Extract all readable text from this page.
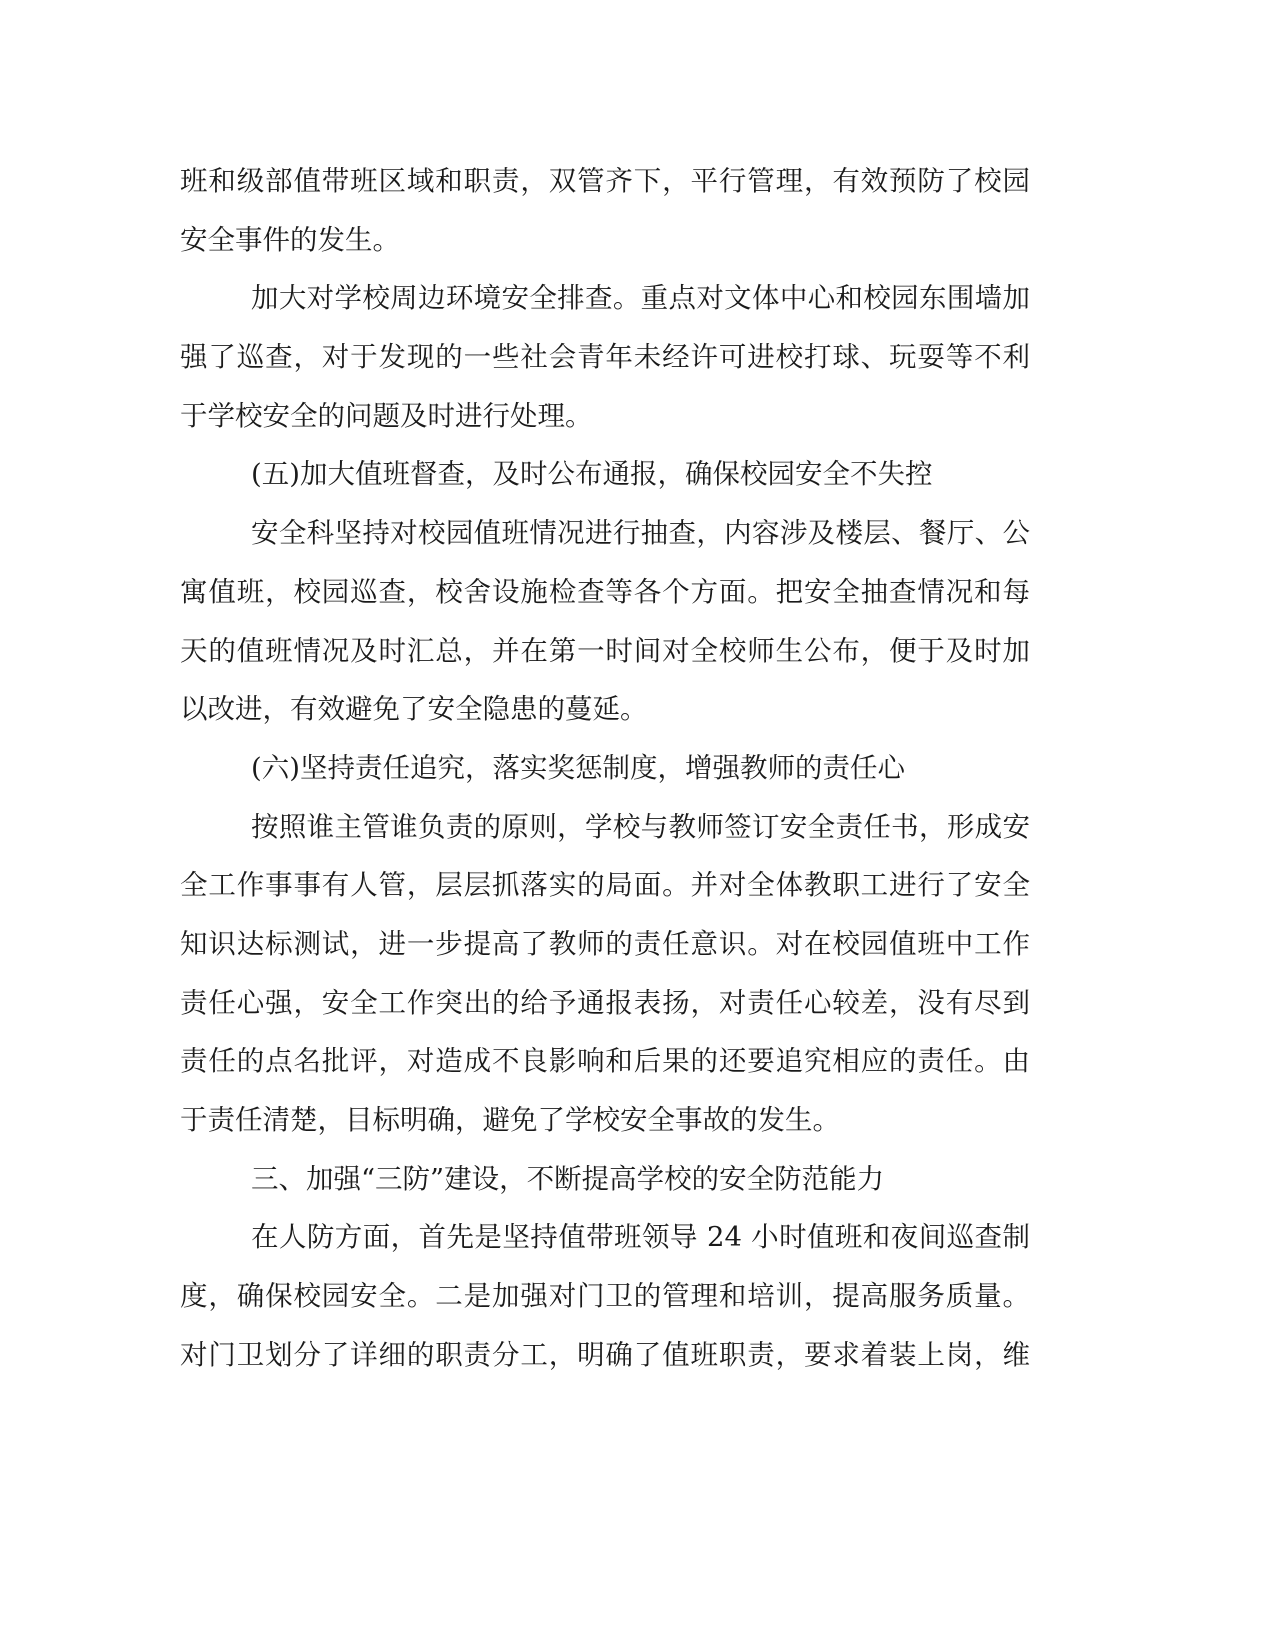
班和级部值带班区域和职责，双管齐下，平行管理，有效预防了校园
安全事件的发生。
加大对学校周边环境安全排查。重点对文体中心和校园东围墙加
强了巡查，对于发现的一些社会青年未经许可进校打球、玩耍等不利
于学校安全的问题及时进行处理。
(五)加大值班督查，及时公布通报，确保校园安全不失控
安全科坚持对校园值班情况进行抽查，内容涉及楼层、餐厅、公
寓值班，校园巡查，校舍设施检查等各个方面。把安全抽查情况和每
天的值班情况及时汇总，并在第一时间对全校师生公布，便于及时加
以改进，有效避免了安全隐患的蔓延。
(六)坚持责任追究，落实奖惩制度，增强教师的责任心
按照谁主管谁负责的原则，学校与教师签订安全责任书，形成安
全工作事事有人管，层层抓落实的局面。并对全体教职工进行了安全
知识达标测试，进一步提高了教师的责任意识。对在校园值班中工作
责任心强，安全工作突出的给予通报表扬，对责任心较差，没有尽到
责任的点名批评，对造成不良影响和后果的还要追究相应的责任。由
于责任清楚，目标明确，避免了学校安全事故的发生。
三、加强“三防”建设，不断提高学校的安全防范能力
在人防方面，首先是坚持值带班领导 24 小时值班和夜间巡查制
度，确保校园安全。二是加强对门卫的管理和培训，提高服务质量。
对门卫划分了详细的职责分工，明确了值班职责，要求着装上岗，维
